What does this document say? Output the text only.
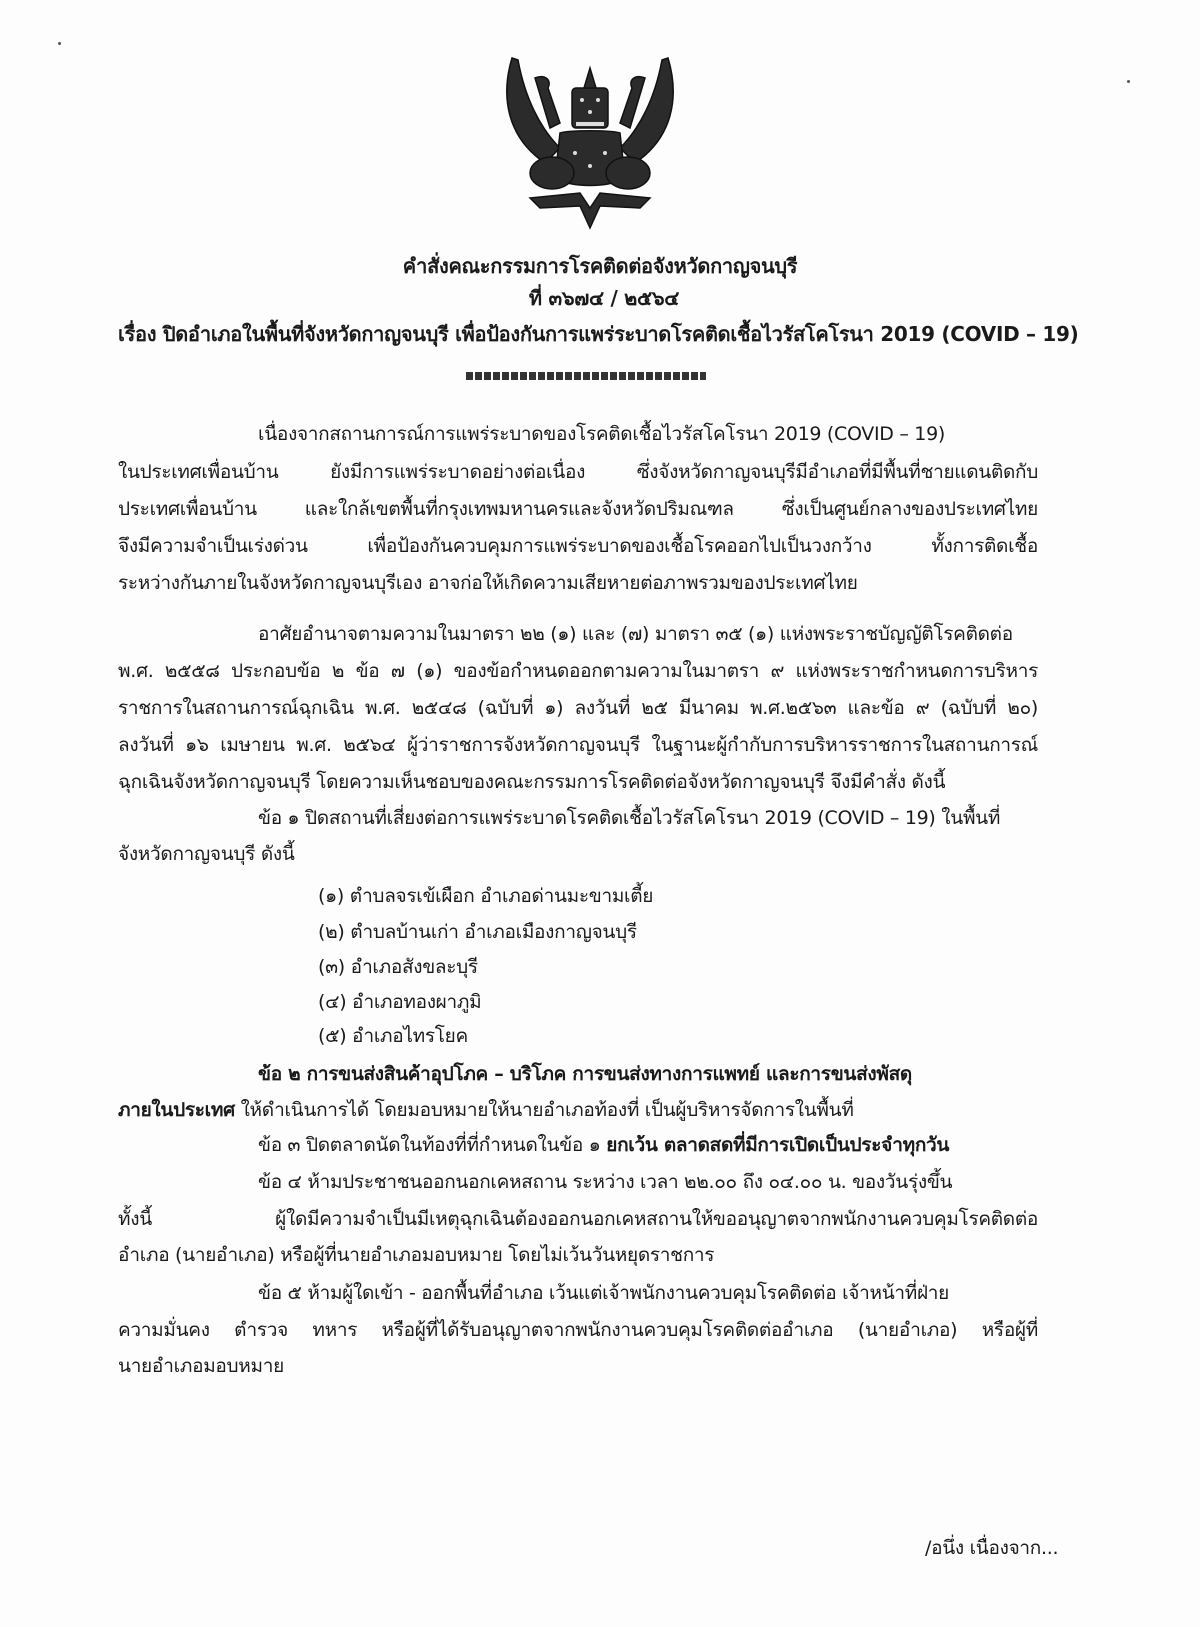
คำสั่งคณะกรรมการโรคติดต่อจังหวัดกาญจนบุรี
ที่ ๓๖๗๔ / ๒๕๖๔
เรื่อง ปิดอำเภอในพื้นที่จังหวัดกาญจนบุรี เพื่อป้องกันการแพร่ระบาดโรคติดเชื้อไวรัสโคโรนา 2019 (COVID – 19)
เนื่องจากสถานการณ์การแพร่ระบาดของโรคติดเชื้อไวรัสโคโรนา 2019 (COVID – 19)
ในประเทศเพื่อนบ้าน ยังมีการแพร่ระบาดอย่างต่อเนื่อง ซึ่งจังหวัดกาญจนบุรีมีอำเภอที่มีพื้นที่ชายแดนติดกับ
ประเทศเพื่อนบ้าน และใกล้เขตพื้นที่กรุงเทพมหานครและจังหวัดปริมณฑล ซึ่งเป็นศูนย์กลางของประเทศไทย
จึงมีความจำเป็นเร่งด่วน เพื่อป้องกันควบคุมการแพร่ระบาดของเชื้อโรคออกไปเป็นวงกว้าง ทั้งการติดเชื้อ
ระหว่างกันภายในจังหวัดกาญจนบุรีเอง อาจก่อให้เกิดความเสียหายต่อภาพรวมของประเทศไทย
อาศัยอำนาจตามความในมาตรา ๒๒ (๑) และ (๗) มาตรา ๓๕ (๑) แห่งพระราชบัญญัติโรคติดต่อ
พ.ศ. ๒๕๕๘ ประกอบข้อ ๒ ข้อ ๗ (๑) ของข้อกำหนดออกตามความในมาตรา ๙ แห่งพระราชกำหนดการบริหาร
ราชการในสถานการณ์ฉุกเฉิน พ.ศ. ๒๕๔๘ (ฉบับที่ ๑) ลงวันที่ ๒๕ มีนาคม พ.ศ.๒๕๖๓ และข้อ ๙ (ฉบับที่ ๒๐)
ลงวันที่ ๑๖ เมษายน พ.ศ. ๒๕๖๔ ผู้ว่าราชการจังหวัดกาญจนบุรี ในฐานะผู้กำกับการบริหารราชการในสถานการณ์
ฉุกเฉินจังหวัดกาญจนบุรี โดยความเห็นชอบของคณะกรรมการโรคติดต่อจังหวัดกาญจนบุรี จึงมีคำสั่ง ดังนี้
ข้อ ๑ ปิดสถานที่เสี่ยงต่อการแพร่ระบาดโรคติดเชื้อไวรัสโคโรนา 2019 (COVID – 19) ในพื้นที่
จังหวัดกาญจนบุรี ดังนี้
(๑) ตำบลจรเข้เผือก อำเภอด่านมะขามเตี้ย
(๒) ตำบลบ้านเก่า อำเภอเมืองกาญจนบุรี
(๓) อำเภอสังขละบุรี
(๔) อำเภอทองผาภูมิ
(๕) อำเภอไทรโยค
ข้อ ๒ การขนส่งสินค้าอุปโภค – บริโภค การขนส่งทางการแพทย์ และการขนส่งพัสดุ
ภายในประเทศ ให้ดำเนินการได้ โดยมอบหมายให้นายอำเภอท้องที่ เป็นผู้บริหารจัดการในพื้นที่
ข้อ ๓ ปิดตลาดนัดในท้องที่ที่กำหนดในข้อ ๑ ยกเว้น ตลาดสดที่มีการเปิดเป็นประจำทุกวัน
ข้อ ๔ ห้ามประชาชนออกนอกเคหสถาน ระหว่าง เวลา ๒๒.๐๐ ถึง ๐๔.๐๐ น. ของวันรุ่งขึ้น
ทั้งนี้ ผู้ใดมีความจำเป็นมีเหตุฉุกเฉินต้องออกนอกเคหสถานให้ขออนุญาตจากพนักงานควบคุมโรคติดต่อ
อำเภอ (นายอำเภอ) หรือผู้ที่นายอำเภอมอบหมาย โดยไม่เว้นวันหยุดราชการ
ข้อ ๕ ห้ามผู้ใดเข้า - ออกพื้นที่อำเภอ เว้นแต่เจ้าพนักงานควบคุมโรคติดต่อ เจ้าหน้าที่ฝ่าย
ความมั่นคง ตำรวจ ทหาร หรือผู้ที่ได้รับอนุญาตจากพนักงานควบคุมโรคติดต่ออำเภอ (นายอำเภอ) หรือผู้ที่
นายอำเภอมอบหมาย
/อนึ่ง เนื่องจาก...
